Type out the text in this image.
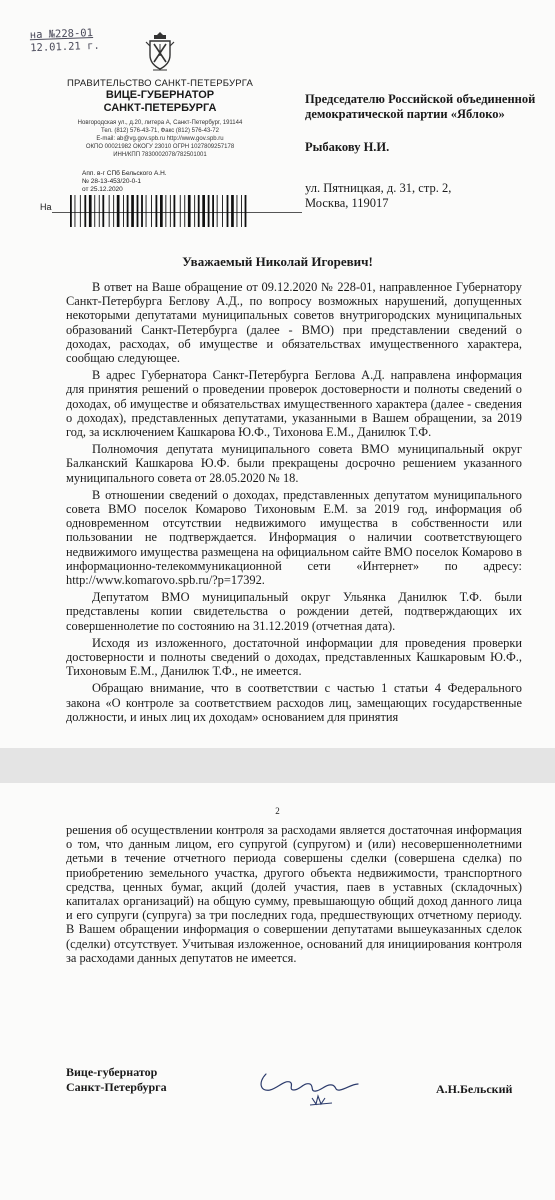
на №228-01
12.01.21 г.
ПРАВИТЕЛЬСТВО САНКТ-ПЕТЕРБУРГА
ВИЦЕ-ГУБЕРНАТОР
САНКТ-ПЕТЕРБУРГА
Новгородская ул., д.20, литера А, Санкт-Петербург, 191144
Тел. (812) 576-43-71, Факс (812) 576-43-72
E-mail: ab@vg.gov.spb.ru http://www.gov.spb.ru
ОКПО 00021982 ОКОГУ 23010 ОГРН 1027809257178
ИНН/КПП 7830002078/782501001
Апп. в-г СПб Бельского А.Н.
№ 28-13-453/20-0-1
от 25.12.2020
На
Председателю Российской объединенной демократической партии «Яблоко»
Рыбакову Н.И.
ул. Пятницкая, д. 31, стр. 2,
Москва, 119017
Уважаемый Николай Игоревич!

В ответ на Ваше обращение от 09.12.2020 № 228-01, направленное Губернатору Санкт-Петербурга Беглову А.Д., по вопросу возможных нарушений, допущенных некоторыми депутатами муниципальных советов внутригородских муниципальных образований Санкт-Петербурга (далее - ВМО) при представлении сведений о доходах, расходах, об имуществе и обязательствах имущественного характера, сообщаю следующее.

В адрес Губернатора Санкт-Петербурга Беглова А.Д. направлена информация для принятия решений о проведении проверок достоверности и полноты сведений о доходах, об имуществе и обязательствах имущественного характера (далее - сведения о доходах), представленных депутатами, указанными в Вашем обращении, за 2019 год, за исключением Кашкарова Ю.Ф., Тихонова Е.М., Данилюк Т.Ф.

Полномочия депутата муниципального совета ВМО муниципальный округ Балканский Кашкарова Ю.Ф. были прекращены досрочно решением указанного муниципального совета от 28.05.2020 № 18.

В отношении сведений о доходах, представленных депутатом муниципального совета ВМО поселок Комарово Тихоновым Е.М. за 2019 год, информация об одновременном отсутствии недвижимого имущества в собственности или пользовании не подтверждается. Информация о наличии соответствующего недвижимого имущества размещена на официальном сайте ВМО поселок Комарово в информационно-телекоммуникационной сети «Интернет» по адресу: http://www.komarovo.spb.ru/?p=17392.

Депутатом ВМО муниципальный округ Ульянка Данилюк Т.Ф. были представлены копии свидетельства о рождении детей, подтверждающих их совершеннолетие по состоянию на 31.12.2019 (отчетная дата).

Исходя из изложенного, достаточной информации для проведения проверки достоверности и полноты сведений о доходах, представленных Кашкаровым Ю.Ф., Тихоновым Е.М., Данилюк Т.Ф., не имеется.

Обращаю внимание, что в соответствии с частью 1 статьи 4 Федерального закона «О контроле за соответствием расходов лиц, замещающих государственные должности, и иных лиц их доходам» основанием для принятия

2

решения об осуществлении контроля за расходами является достаточная информация о том, что данным лицом, его супругой (супругом) и (или) несовершеннолетними детьми в течение отчетного периода совершены сделки (совершена сделка) по приобретению земельного участка, другого объекта недвижимости, транспортного средства, ценных бумаг, акций (долей участия, паев в уставных (складочных) капиталах организаций) на общую сумму, превышающую общий доход данного лица и его супруги (супруга) за три последних года, предшествующих отчетному периоду. В Вашем обращении информация о совершении депутатами вышеуказанных сделок (сделки) отсутствует. Учитывая изложенное, оснований для инициирования контроля за расходами данных депутатов не имеется.

Вице-губернатор
Санкт-Петербурга	А.Н.Бельский
